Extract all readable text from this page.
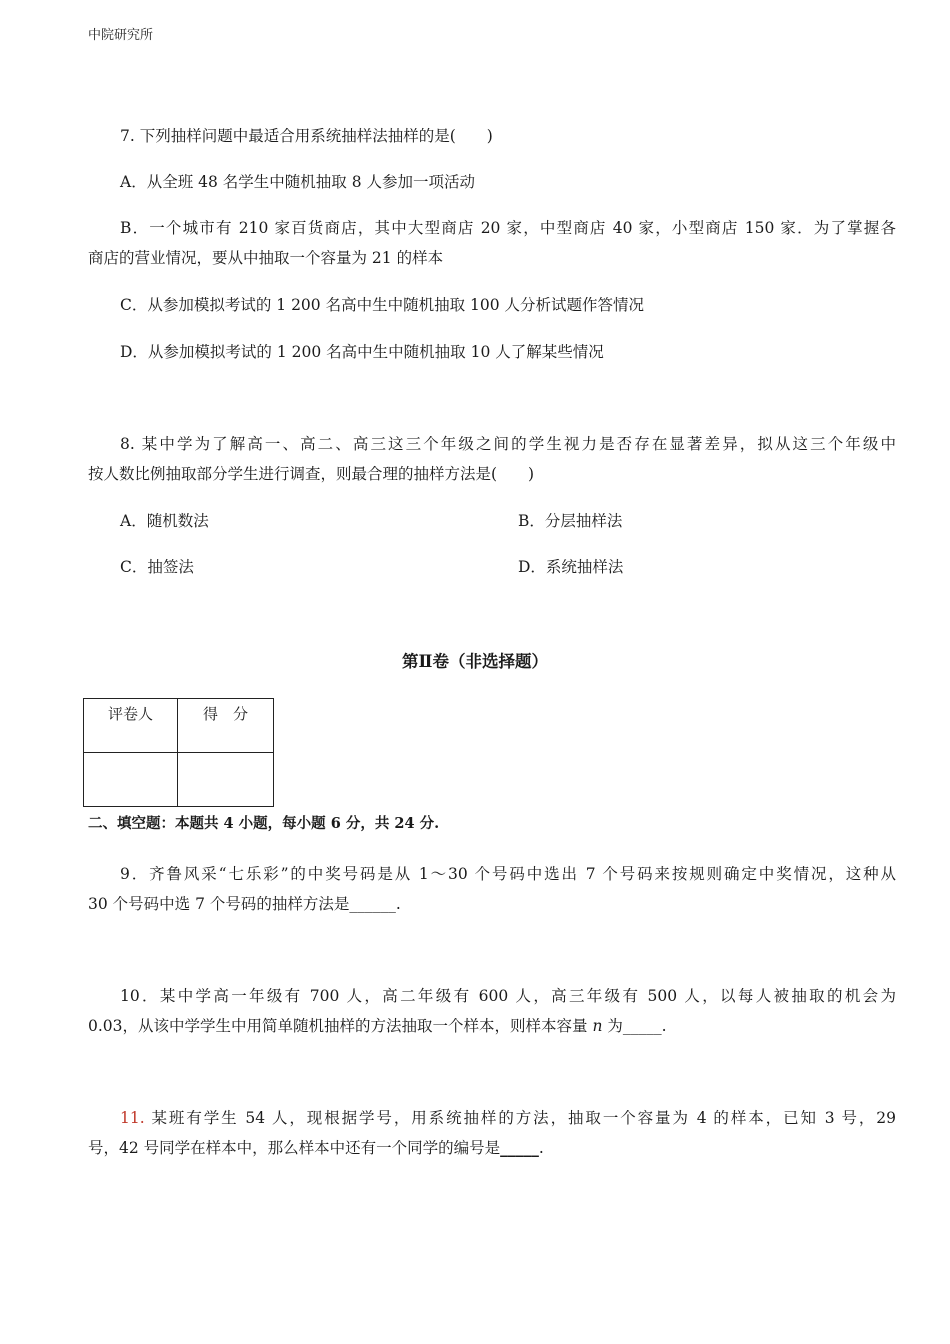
中院研究所
7. 下列抽样问题中最适合用系统抽样法抽样的是(　　)
A．从全班 48 名学生中随机抽取 8 人参加一项活动
B．一个城市有 210 家百货商店，其中大型商店 20 家，中型商店 40 家，小型商店 150 家．为了掌握各
商店的营业情况，要从中抽取一个容量为 21 的样本
C．从参加模拟考试的 1 200 名高中生中随机抽取 100 人分析试题作答情况
D．从参加模拟考试的 1 200 名高中生中随机抽取 10 人了解某些情况
8. 某中学为了解高一、高二、高三这三个年级之间的学生视力是否存在显著差异，拟从这三个年级中
按人数比例抽取部分学生进行调查，则最合理的抽样方法是(　　)
A．随机数法	B．分层抽样法
C．抽签法	D．系统抽样法
第Ⅱ卷（非选择题）
评卷人	得　分

二、填空题：本题共 4 小题，每小题 6 分，共 24 分.
9．齐鲁风采“七乐彩”的中奖号码是从 1～30 个号码中选出 7 个号码来按规则确定中奖情况，这种从
30 个号码中选 7 个号码的抽样方法是______.
10．某中学高一年级有 700 人，高二年级有 600 人，高三年级有 500 人，以每人被抽取的机会为
0.03，从该中学学生中用简单随机抽样的方法抽取一个样本，则样本容量 n 为_____.
11. 某班有学生 54 人，现根据学号，用系统抽样的方法，抽取一个容量为 4 的样本，已知 3 号，29
号，42 号同学在样本中，那么样本中还有一个同学的编号是_____.
